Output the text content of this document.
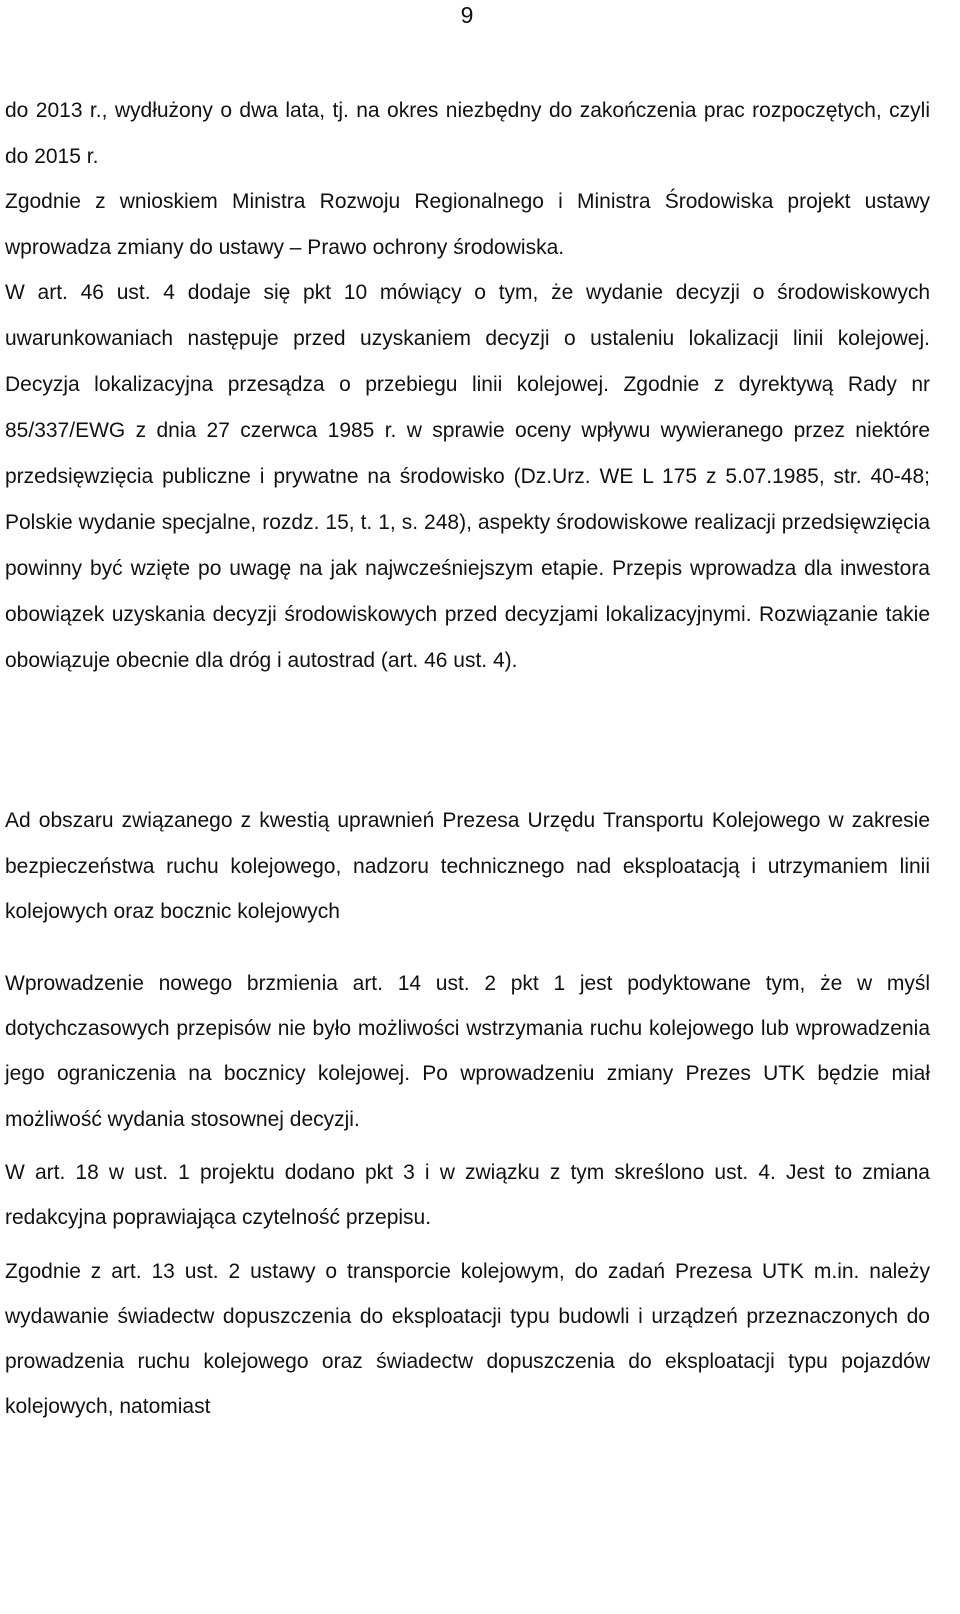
9

do 2013 r., wydłużony o dwa lata, tj. na okres niezbędny do zakończenia prac rozpoczętych, czyli do 2015 r.

Zgodnie z wnioskiem Ministra Rozwoju Regionalnego i Ministra Środowiska projekt ustawy wprowadza zmiany do ustawy – Prawo ochrony środowiska.

W art. 46 ust. 4 dodaje się pkt 10 mówiący o tym, że wydanie decyzji o środowiskowych uwarunkowaniach następuje przed uzyskaniem decyzji o ustaleniu lokalizacji linii kolejowej. Decyzja lokalizacyjna przesądza o przebiegu linii kolejowej. Zgodnie z dyrektywą Rady nr 85/337/EWG z dnia 27 czerwca 1985 r. w sprawie oceny wpływu wywieranego przez niektóre przedsięwzięcia publiczne i prywatne na środowisko (Dz.Urz. WE L 175 z 5.07.1985, str. 40-48; Polskie wydanie specjalne, rozdz. 15, t. 1, s. 248), aspekty środowiskowe realizacji przedsięwzięcia powinny być wzięte po uwagę na jak najwcześniejszym etapie. Przepis wprowadza dla inwestora obowiązek uzyskania decyzji środowiskowych przed decyzjami lokalizacyjnymi. Rozwiązanie takie obowiązuje obecnie dla dróg i autostrad (art. 46 ust. 4).

Ad obszaru związanego z kwestią uprawnień Prezesa Urzędu Transportu Kolejowego w zakresie bezpieczeństwa ruchu kolejowego, nadzoru technicznego nad eksploatacją i utrzymaniem linii kolejowych oraz bocznic kolejowych

Wprowadzenie nowego brzmienia art. 14 ust. 2 pkt 1 jest podyktowane tym, że w myśl dotychczasowych przepisów nie było możliwości wstrzymania ruchu kolejowego lub wprowadzenia jego ograniczenia na bocznicy kolejowej. Po wprowadzeniu zmiany Prezes UTK będzie miał możliwość wydania stosownej decyzji.

W art. 18 w ust. 1 projektu dodano pkt 3 i w związku z tym skreślono ust. 4. Jest to zmiana redakcyjna poprawiająca czytelność przepisu.

Zgodnie z art. 13 ust. 2 ustawy o transporcie kolejowym, do zadań Prezesa UTK m.in. należy wydawanie świadectw dopuszczenia do eksploatacji typu budowli i urządzeń przeznaczonych do prowadzenia ruchu kolejowego oraz świadectw dopuszczenia do eksploatacji typu pojazdów kolejowych, natomiast
